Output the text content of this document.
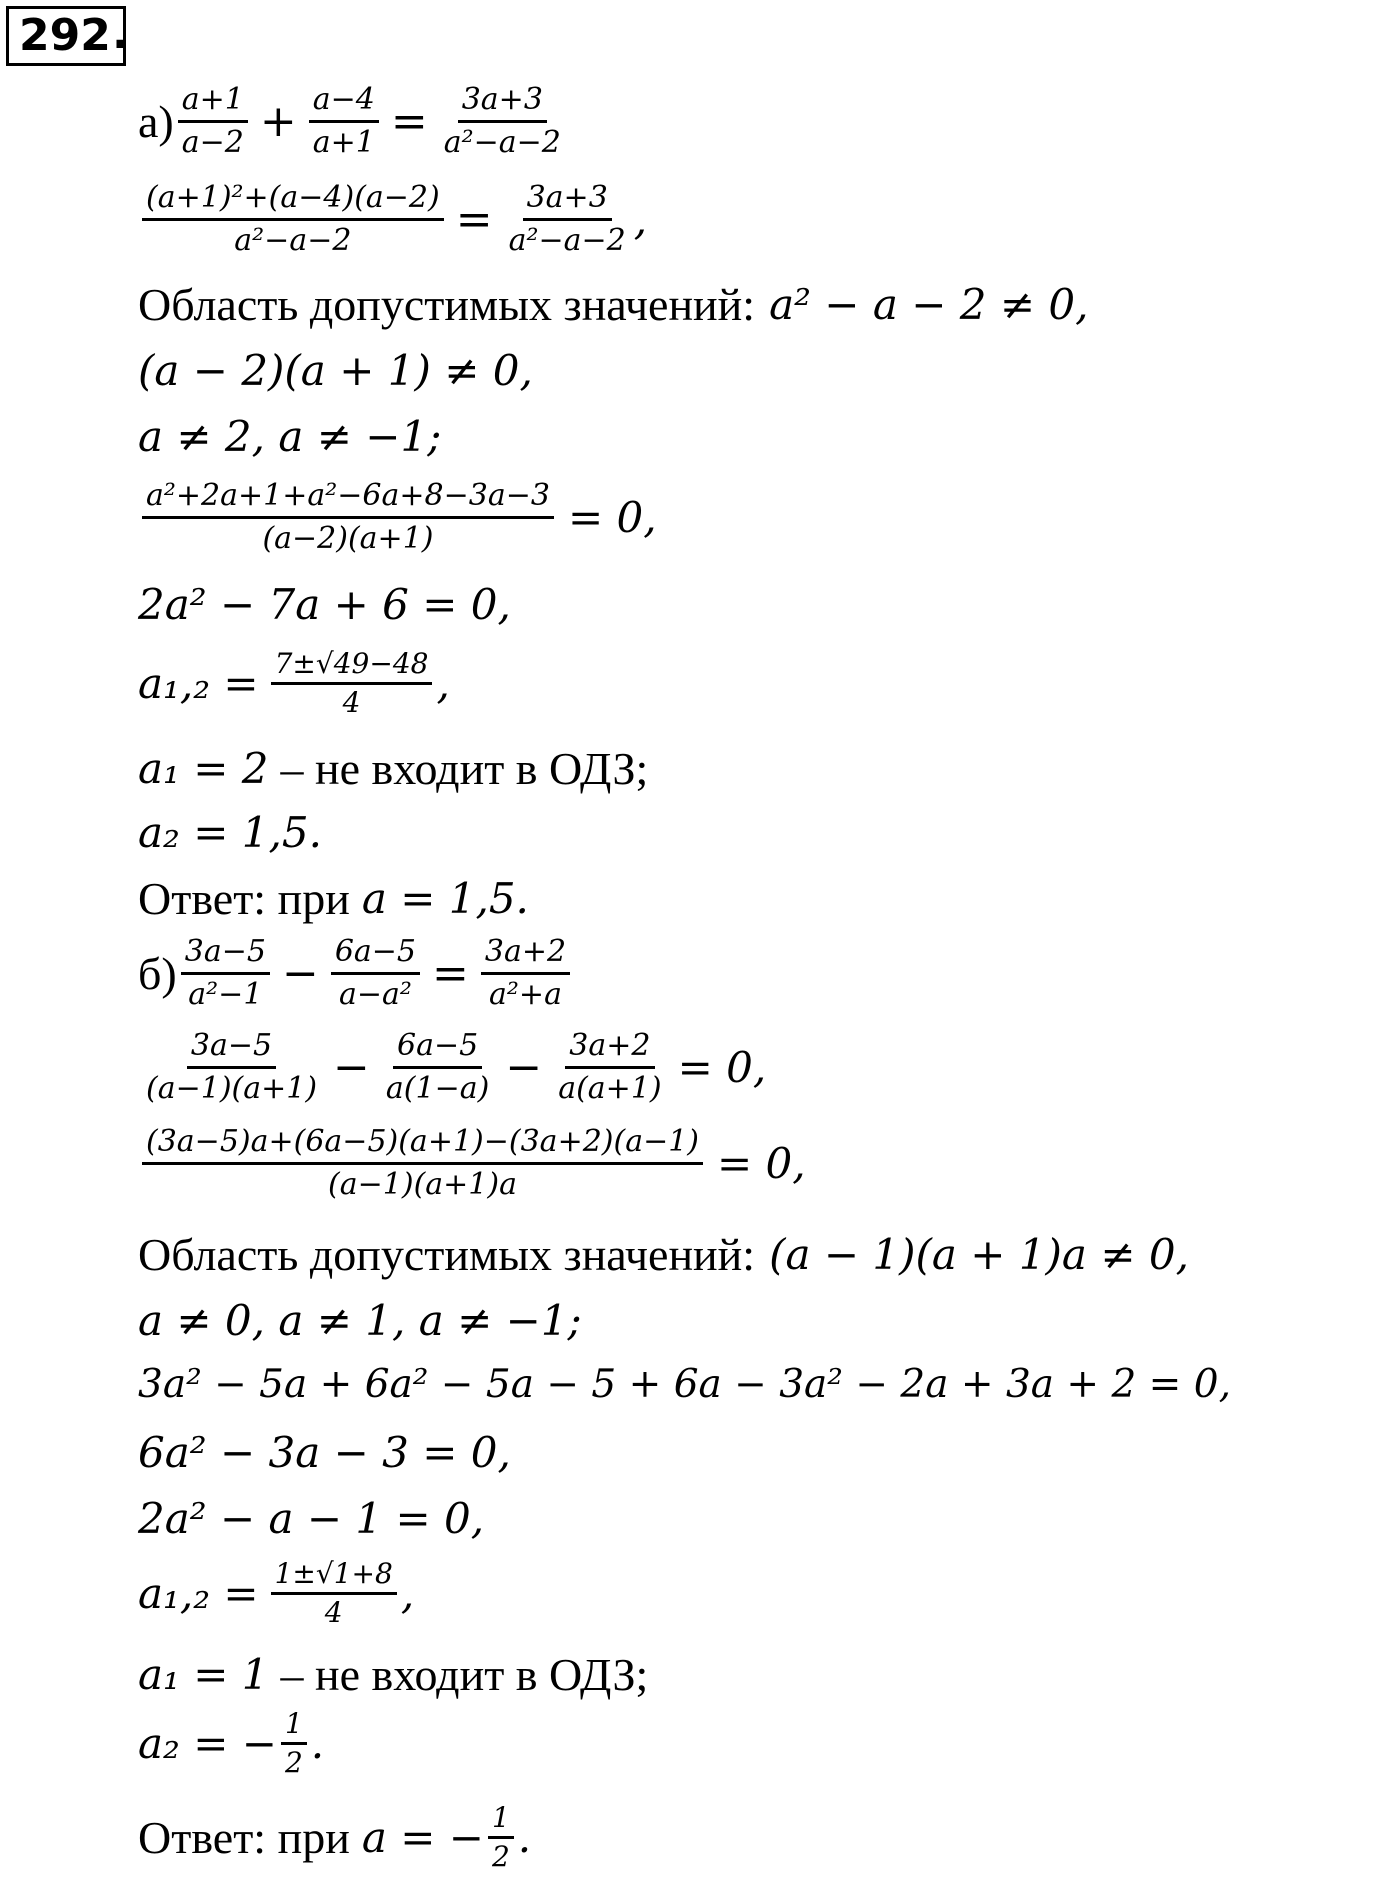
292 .
$а) \frac{a+1}{a-2} + \frac{a-4}{a+1} = \frac{3a+3}{\text{a²−a−2}}$
$\frac{\text{(a+1)²+(a−4)(a−2)}}{\text{a²−a−2}} = \frac{3a+3}{\text{a²−a−2}}$ ,
Область допустимых значений: a² − a − 2 ≠ 0,
(a − 2)(a + 1) ≠ 0,
a ≠ 2, a ≠ −1;
$\frac{\text{a²+2a+1+a²−6a+8−3a−3}}{(a-2)(a+1)} = 0$,
2a² − 7a + 6 = 0,
$a_1,_2 = \frac{7\pm√49-48}{4}$ ,
a₁ = 2 – не входит в ОДЗ;
a₂ = 1,5.
Ответ: при a = 1,5.
$б) \frac{3a-5}{\text{a²−1}} - \frac{6a-5}{\text{a−a²}} = \frac{3a+2}{\text{a²+a}}$
$\frac{3a-5}{(a-1)(a+1)} - \frac{6a-5}{a(1-a)} - \frac{3a+2}{a(a+1)} = 0$,
$\frac{(3a-5)a+(6a-5)(a+1)-(3a+2)(a-1)}{(a-1)(a+1)a} = 0$,
Область допустимых значений: (a − 1)(a + 1)a ≠ 0,
a ≠ 0, a ≠ 1, a ≠ −1;
3a² − 5a + 6a² − 5a − 5 + 6a − 3a² − 2a + 3a + 2 = 0,
6a² − 3a − 3 = 0,
2a² − a − 1 = 0,
$a_1,_2 = \frac{1\pm√1+8}{4}$ ,
a₁ = 1 – не входит в ОДЗ;
a₂ = − $\frac{1}{2}$ .
Ответ: при a = − $\frac{1}{2}$ .
